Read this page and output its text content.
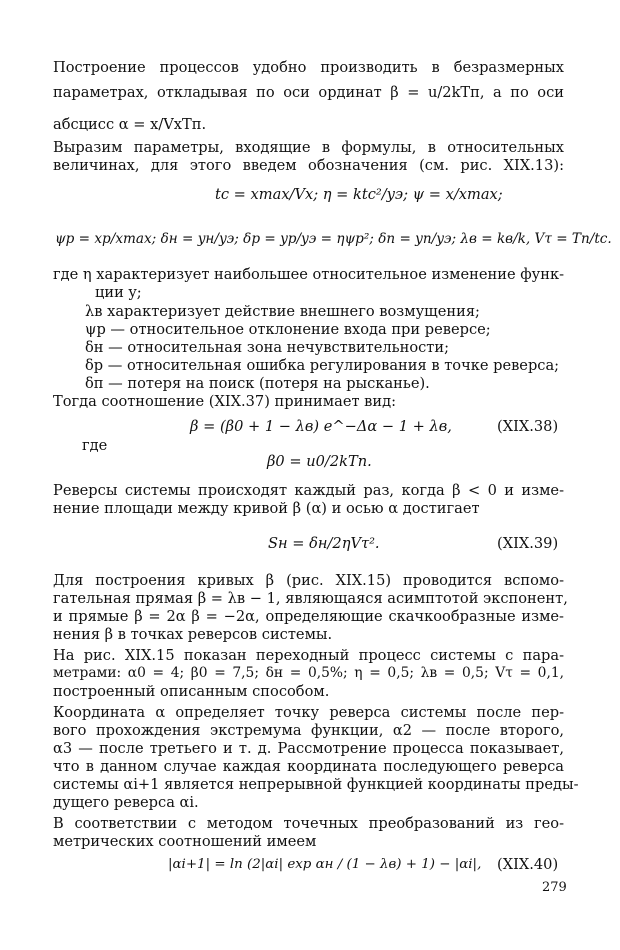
Построение процессов удобно производить в безразмерных
параметрах, откладывая по оси ординат β = u/2kTп, а по оси
абсцисс α = x/VxTп.
Выразим параметры, входящие в формулы, в относительных
величинах, для этого введем обозначения (см. рис. XIX.13):
tc = xmax/Vx; η = ktc²/yэ; ψ = x/xmax;
ψр = xр/xmax; δн = yн/yэ; δр = yр/yэ = ηψр²; δп = yп/yэ; λв = kв/k, Vτ = Tп/tc.
где η характеризует наибольшее относительное изменение функ-
ции y;
λв характеризует действие внешнего возмущения;
ψр — относительное отклонение входа при реверсе;
δн — относительная зона нечувствительности;
δр — относительная ошибка регулирования в точке реверса;
δп — потеря на поиск (потеря на рысканье).
Тогда соотношение (XIX.37) принимает вид:
β = (β0 + 1 − λв) e^−Δα − 1 + λв,	(XIX.38)
где
β0 = u0/2kTп.
Реверсы системы происходят каждый раз, когда β < 0 и изме-
нение площади между кривой β (α) и осью α достигает
Sн = δн/2ηVτ².	(XIX.39)
Для построения кривых β (рис. XIX.15) проводится вспомо-
гательная прямая β = λв − 1, являющаяся асимптотой экспонент,
и прямые β = 2α β = −2α, определяющие скачкообразные изме-
нения β в точках реверсов системы.
На рис. XIX.15 показан переходный процесс системы с пара-
метрами: α0 = 4; β0 = 7,5; δн = 0,5%; η = 0,5; λв = 0,5; Vτ = 0,1,
построенный описанным способом.
Координата α определяет точку реверса системы после пер-
вого прохождения экстремума функции, α2 — после второго,
α3 — после третьего и т. д. Рассмотрение процесса показывает,
что в данном случае каждая координата последующего реверса
системы αi+1 является непрерывной функцией координаты преды-
дущего реверса αi.
В соответствии с методом точечных преобразований из гео-
метрических соотношений имеем
|αi+1| = ln (2|αi| exp αн / (1 − λв) + 1) − |αi|, (XIX.40)
279
